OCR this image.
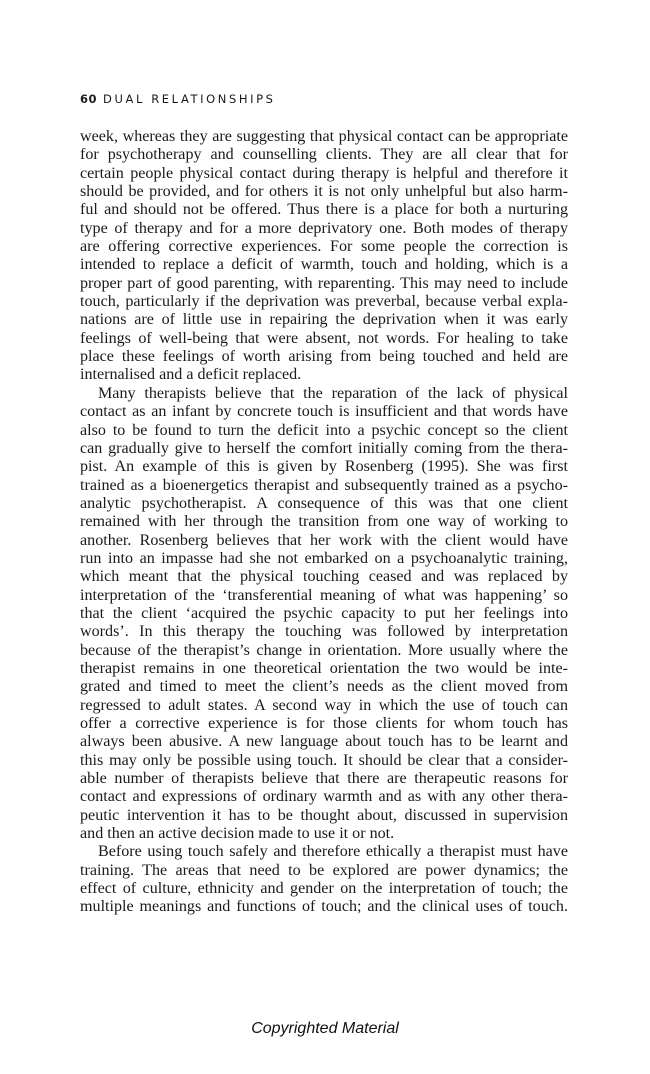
60 DUAL RELATIONSHIPS
week, whereas they are suggesting that physical contact can be appropriate
for psychotherapy and counselling clients. They are all clear that for
certain people physical contact during therapy is helpful and therefore it
should be provided, and for others it is not only unhelpful but also harm-
ful and should not be offered. Thus there is a place for both a nurturing
type of therapy and for a more deprivatory one. Both modes of therapy
are offering corrective experiences. For some people the correction is
intended to replace a deficit of warmth, touch and holding, which is a
proper part of good parenting, with reparenting. This may need to include
touch, particularly if the deprivation was preverbal, because verbal expla-
nations are of little use in repairing the deprivation when it was early
feelings of well-being that were absent, not words. For healing to take
place these feelings of worth arising from being touched and held are
internalised and a deficit replaced.
Many therapists believe that the reparation of the lack of physical
contact as an infant by concrete touch is insufficient and that words have
also to be found to turn the deficit into a psychic concept so the client
can gradually give to herself the comfort initially coming from the thera-
pist. An example of this is given by Rosenberg (1995). She was first
trained as a bioenergetics therapist and subsequently trained as a psycho-
analytic psychotherapist. A consequence of this was that one client
remained with her through the transition from one way of working to
another. Rosenberg believes that her work with the client would have
run into an impasse had she not embarked on a psychoanalytic training,
which meant that the physical touching ceased and was replaced by
interpretation of the ‘transferential meaning of what was happening’ so
that the client ‘acquired the psychic capacity to put her feelings into
words’. In this therapy the touching was followed by interpretation
because of the therapist’s change in orientation. More usually where the
therapist remains in one theoretical orientation the two would be inte-
grated and timed to meet the client’s needs as the client moved from
regressed to adult states. A second way in which the use of touch can
offer a corrective experience is for those clients for whom touch has
always been abusive. A new language about touch has to be learnt and
this may only be possible using touch. It should be clear that a consider-
able number of therapists believe that there are therapeutic reasons for
contact and expressions of ordinary warmth and as with any other thera-
peutic intervention it has to be thought about, discussed in supervision
and then an active decision made to use it or not.
Before using touch safely and therefore ethically a therapist must have
training. The areas that need to be explored are power dynamics; the
effect of culture, ethnicity and gender on the interpretation of touch; the
multiple meanings and functions of touch; and the clinical uses of touch.
Copyrighted Material
